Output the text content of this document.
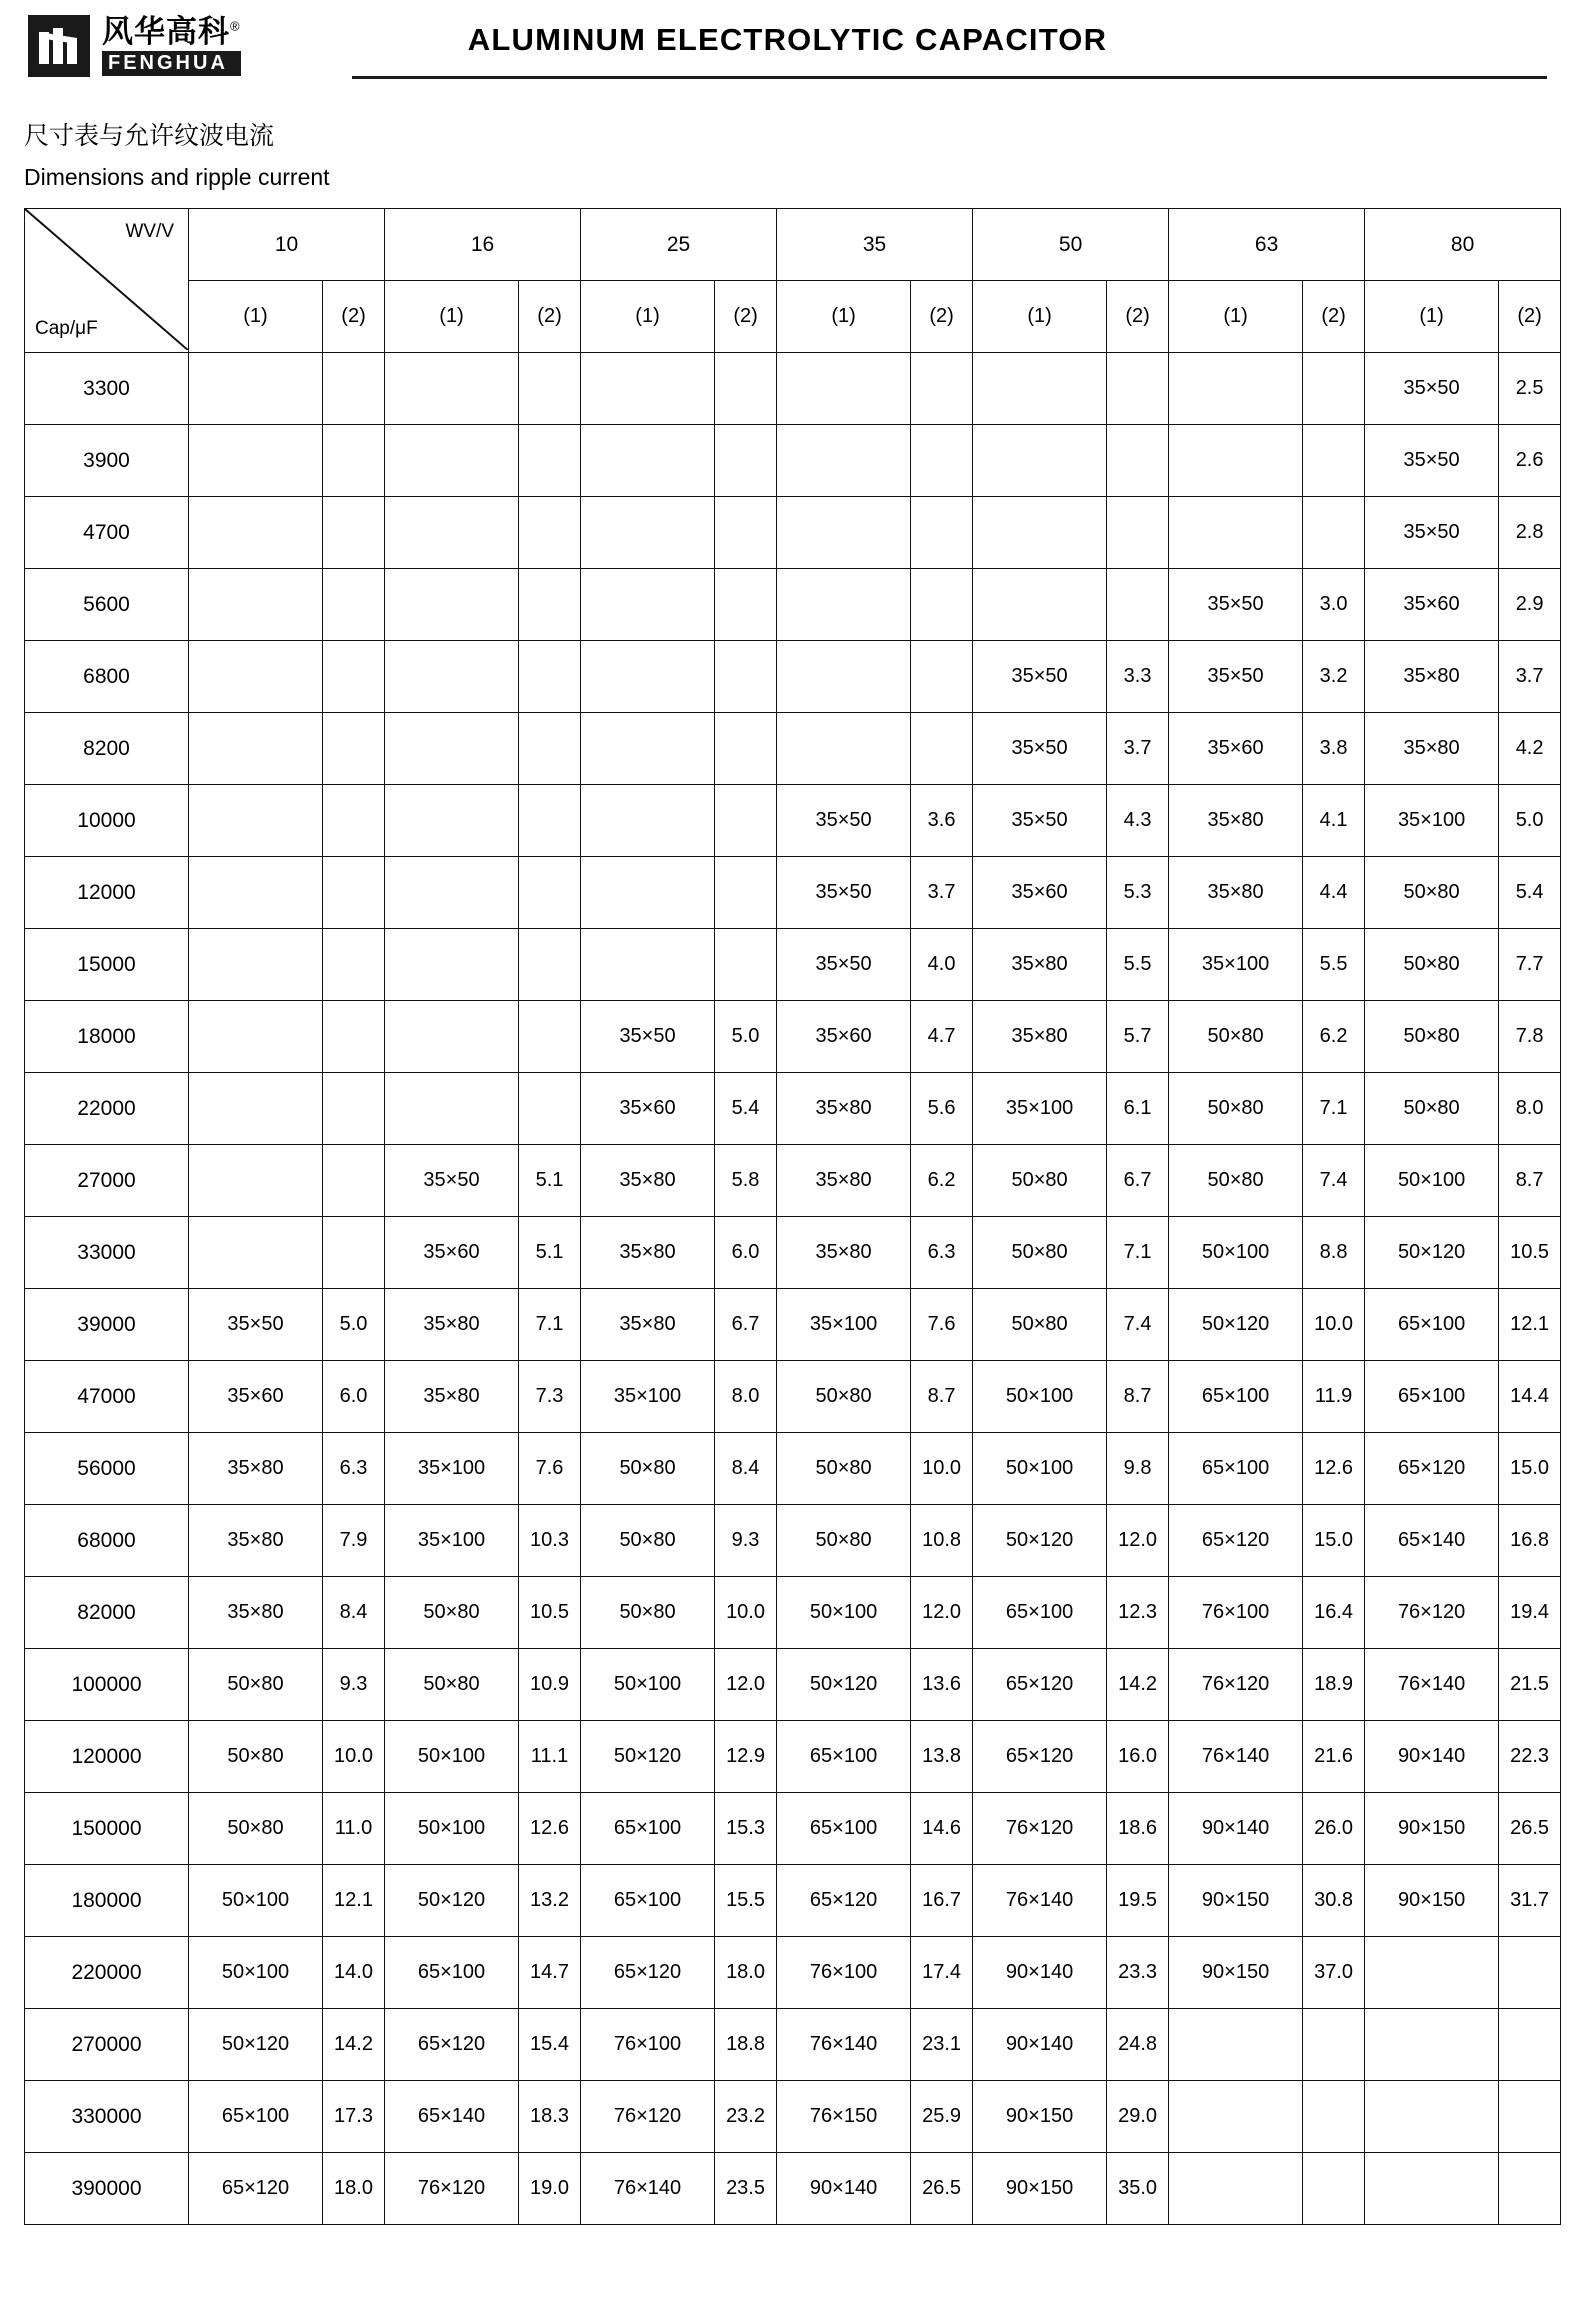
风华高科®
FENGHUA
ALUMINUM ELECTROLYTIC CAPACITOR
尺寸表与允许纹波电流
Dimensions and ripple current
WV/V
Cap/μF	10		16		25		35		50		63		80	
	(1)	(2)	(1)	(2)	(1)	(2)	(1)	(2)	(1)	(2)	(1)	(2)	(1)	(2)
3300													35×50	2.5
3900													35×50	2.6
4700													35×50	2.8
5600											35×50	3.0	35×60	2.9
6800									35×50	3.3	35×50	3.2	35×80	3.7
8200									35×50	3.7	35×60	3.8	35×80	4.2
10000							35×50	3.6	35×50	4.3	35×80	4.1	35×100	5.0
12000							35×50	3.7	35×60	5.3	35×80	4.4	50×80	5.4
15000							35×50	4.0	35×80	5.5	35×100	5.5	50×80	7.7
18000					35×50	5.0	35×60	4.7	35×80	5.7	50×80	6.2	50×80	7.8
22000					35×60	5.4	35×80	5.6	35×100	6.1	50×80	7.1	50×80	8.0
27000			35×50	5.1	35×80	5.8	35×80	6.2	50×80	6.7	50×80	7.4	50×100	8.7
33000			35×60	5.1	35×80	6.0	35×80	6.3	50×80	7.1	50×100	8.8	50×120	10.5
39000	35×50	5.0	35×80	7.1	35×80	6.7	35×100	7.6	50×80	7.4	50×120	10.0	65×100	12.1
47000	35×60	6.0	35×80	7.3	35×100	8.0	50×80	8.7	50×100	8.7	65×100	11.9	65×100	14.4
56000	35×80	6.3	35×100	7.6	50×80	8.4	50×80	10.0	50×100	9.8	65×100	12.6	65×120	15.0
68000	35×80	7.9	35×100	10.3	50×80	9.3	50×80	10.8	50×120	12.0	65×120	15.0	65×140	16.8
82000	35×80	8.4	50×80	10.5	50×80	10.0	50×100	12.0	65×100	12.3	76×100	16.4	76×120	19.4
100000	50×80	9.3	50×80	10.9	50×100	12.0	50×120	13.6	65×120	14.2	76×120	18.9	76×140	21.5
120000	50×80	10.0	50×100	11.1	50×120	12.9	65×100	13.8	65×120	16.0	76×140	21.6	90×140	22.3
150000	50×80	11.0	50×100	12.6	65×100	15.3	65×100	14.6	76×120	18.6	90×140	26.0	90×150	26.5
180000	50×100	12.1	50×120	13.2	65×100	15.5	65×120	16.7	76×140	19.5	90×150	30.8	90×150	31.7
220000	50×100	14.0	65×100	14.7	65×120	18.0	76×100	17.4	90×140	23.3	90×150	37.0		
270000	50×120	14.2	65×120	15.4	76×100	18.8	76×140	23.1	90×140	24.8				
330000	65×100	17.3	65×140	18.3	76×120	23.2	76×150	25.9	90×150	29.0				
390000	65×120	18.0	76×120	19.0	76×140	23.5	90×140	26.5	90×150	35.0				
